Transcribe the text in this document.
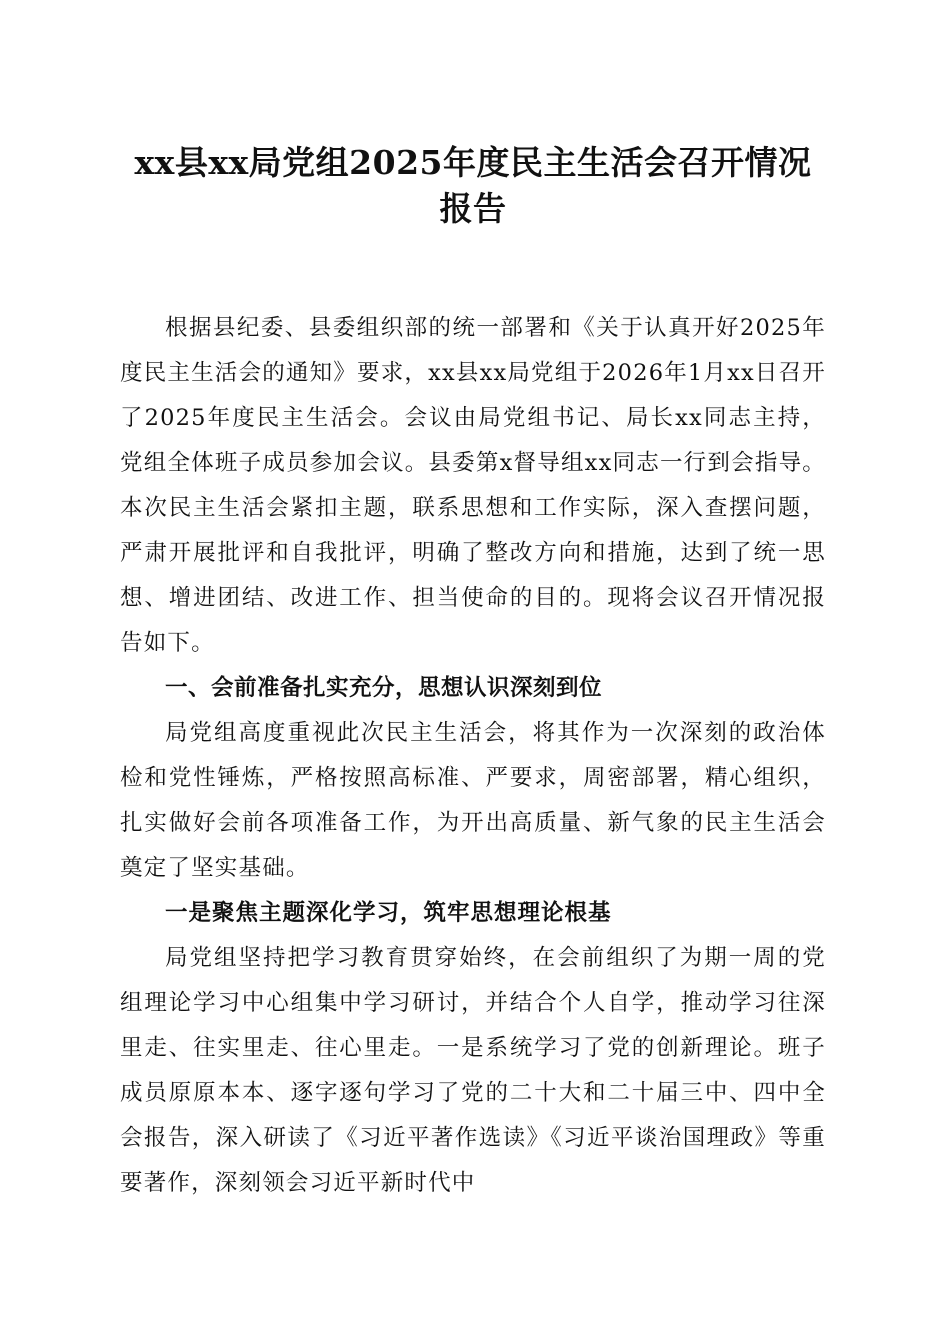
xx县xx局党组2025年度民主生活会召开情况
报告

根据县纪委、县委组织部的统一部署和《关于认真开好2025年度民主生活会的通知》要求，xx县xx局党组于2026年1月xx日召开了2025年度民主生活会。会议由局党组书记、局长xx同志主持，党组全体班子成员参加会议。县委第x督导组xx同志一行到会指导。本次民主生活会紧扣主题，联系思想和工作实际，深入查摆问题，严肃开展批评和自我批评，明确了整改方向和措施，达到了统一思想、增进团结、改进工作、担当使命的目的。现将会议召开情况报告如下。

一、会前准备扎实充分，思想认识深刻到位

局党组高度重视此次民主生活会，将其作为一次深刻的政治体检和党性锤炼，严格按照高标准、严要求，周密部署，精心组织，扎实做好会前各项准备工作，为开出高质量、新气象的民主生活会奠定了坚实基础。

一是聚焦主题深化学习，筑牢思想理论根基

局党组坚持把学习教育贯穿始终，在会前组织了为期一周的党组理论学习中心组集中学习研讨，并结合个人自学，推动学习往深里走、往实里走、往心里走。一是系统学习了党的创新理论。班子成员原原本本、逐字逐句学习了党的二十大和二十届三中、四中全会报告，深入研读了《习近平著作选读》《习近平谈治国理政》等重要著作，深刻领会习近平新时代中
